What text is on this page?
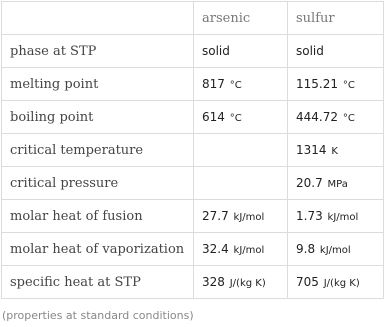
	arsenic	sulfur
phase at STP	solid	solid
melting point	817 °C	115.21 °C
boiling point	614 °C	444.72 °C
critical temperature		1314 K
critical pressure		20.7 MPa
molar heat of fusion	27.7 kJ/mol	1.73 kJ/mol
molar heat of vaporization	32.4 kJ/mol	9.8 kJ/mol
specific heat at STP	328 J/(kg K)	705 J/(kg K)
(properties at standard conditions)
